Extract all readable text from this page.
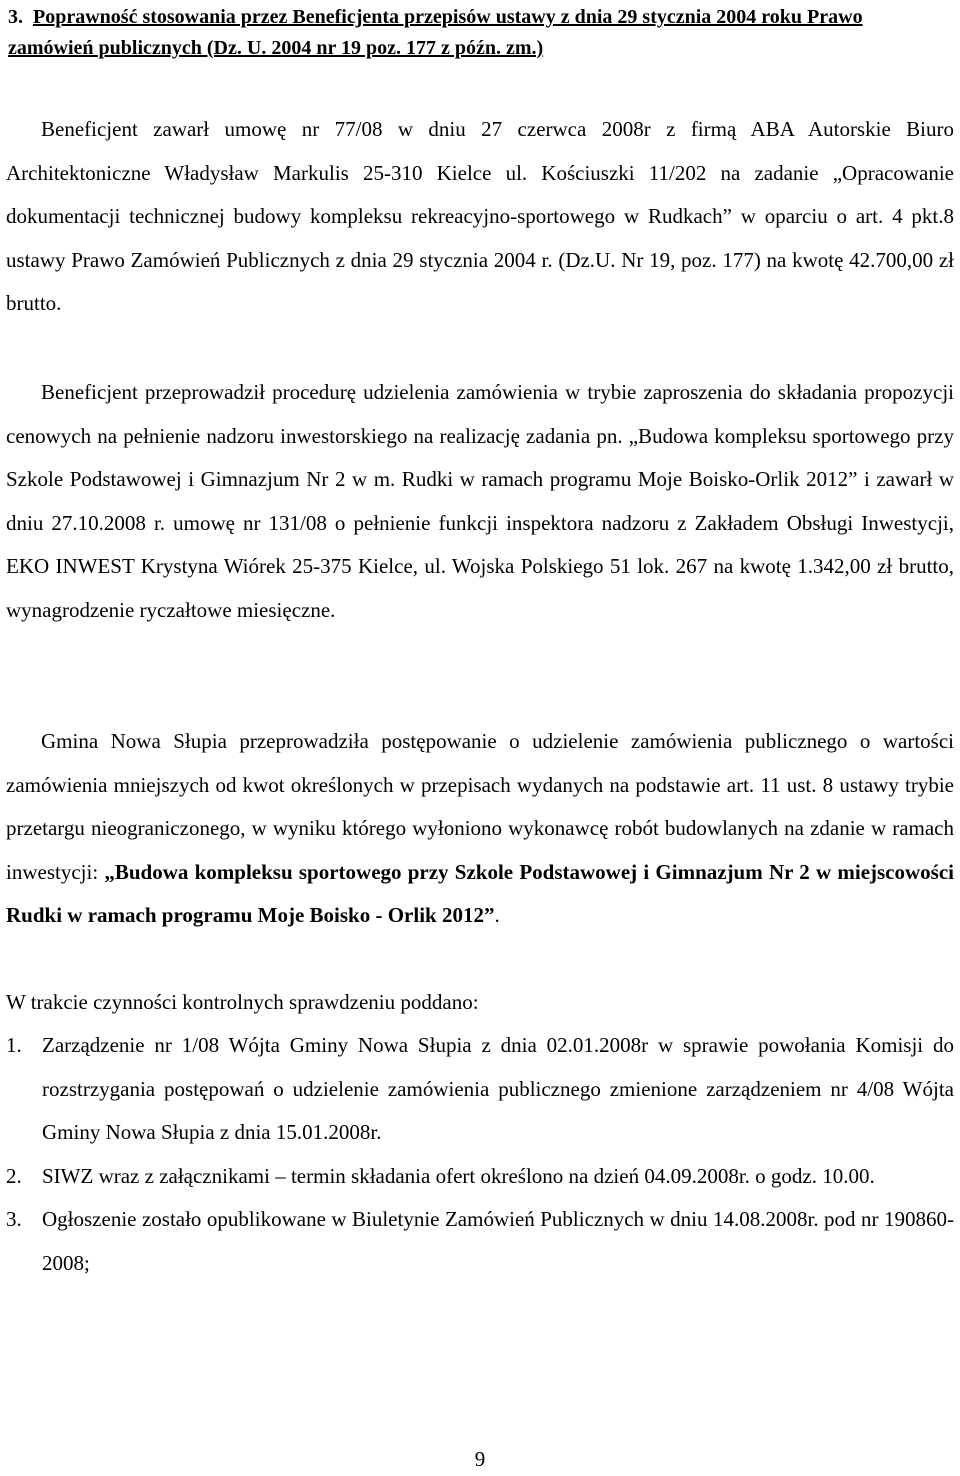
3. Poprawność stosowania przez Beneficjenta przepisów ustawy z dnia 29 stycznia 2004 roku Prawo zamówień publicznych (Dz. U. 2004 nr 19 poz. 177 z późn. zm.)

Beneficjent zawarł umowę nr 77/08 w dniu 27 czerwca 2008r z firmą ABA Autorskie Biuro Architektoniczne Władysław Markulis 25-310 Kielce ul. Kościuszki 11/202 na zadanie „Opracowanie dokumentacji technicznej budowy kompleksu rekreacyjno-sportowego w Rudkach” w oparciu o art. 4 pkt.8 ustawy Prawo Zamówień Publicznych z dnia 29 stycznia 2004 r. (Dz.U. Nr 19, poz. 177) na kwotę 42.700,00 zł brutto.

Beneficjent przeprowadził procedurę udzielenia zamówienia w trybie zaproszenia do składania propozycji cenowych na pełnienie nadzoru inwestorskiego na realizację zadania pn. „Budowa kompleksu sportowego przy Szkole Podstawowej i Gimnazjum Nr 2 w m. Rudki w ramach programu Moje Boisko-Orlik 2012” i zawarł w dniu 27.10.2008 r. umowę nr 131/08 o pełnienie funkcji inspektora nadzoru z Zakładem Obsługi Inwestycji, EKO INWEST Krystyna Wiórek 25-375 Kielce, ul. Wojska Polskiego 51 lok. 267 na kwotę 1.342,00 zł brutto, wynagrodzenie ryczałtowe miesięczne.

Gmina Nowa Słupia przeprowadziła postępowanie o udzielenie zamówienia publicznego o wartości zamówienia mniejszych od kwot określonych w przepisach wydanych na podstawie art. 11 ust. 8 ustawy trybie przetargu nieograniczonego, w wyniku którego wyłoniono wykonawcę robót budowlanych na zdanie w ramach inwestycji: „Budowa kompleksu sportowego przy Szkole Podstawowej i Gimnazjum Nr 2 w miejscowości Rudki w ramach programu Moje Boisko - Orlik 2012”.

W trakcie czynności kontrolnych sprawdzeniu poddano:

1. Zarządzenie nr 1/08 Wójta Gminy Nowa Słupia z dnia 02.01.2008r w sprawie powołania Komisji do rozstrzygania postępowań o udzielenie zamówienia publicznego zmienione zarządzeniem nr 4/08 Wójta Gminy Nowa Słupia z dnia 15.01.2008r.
2. SIWZ wraz z załącznikami – termin składania ofert określono na dzień 04.09.2008r. o godz. 10.00.
3. Ogłoszenie zostało opublikowane w Biuletynie Zamówień Publicznych w dniu 14.08.2008r. pod nr 190860-2008;
9
